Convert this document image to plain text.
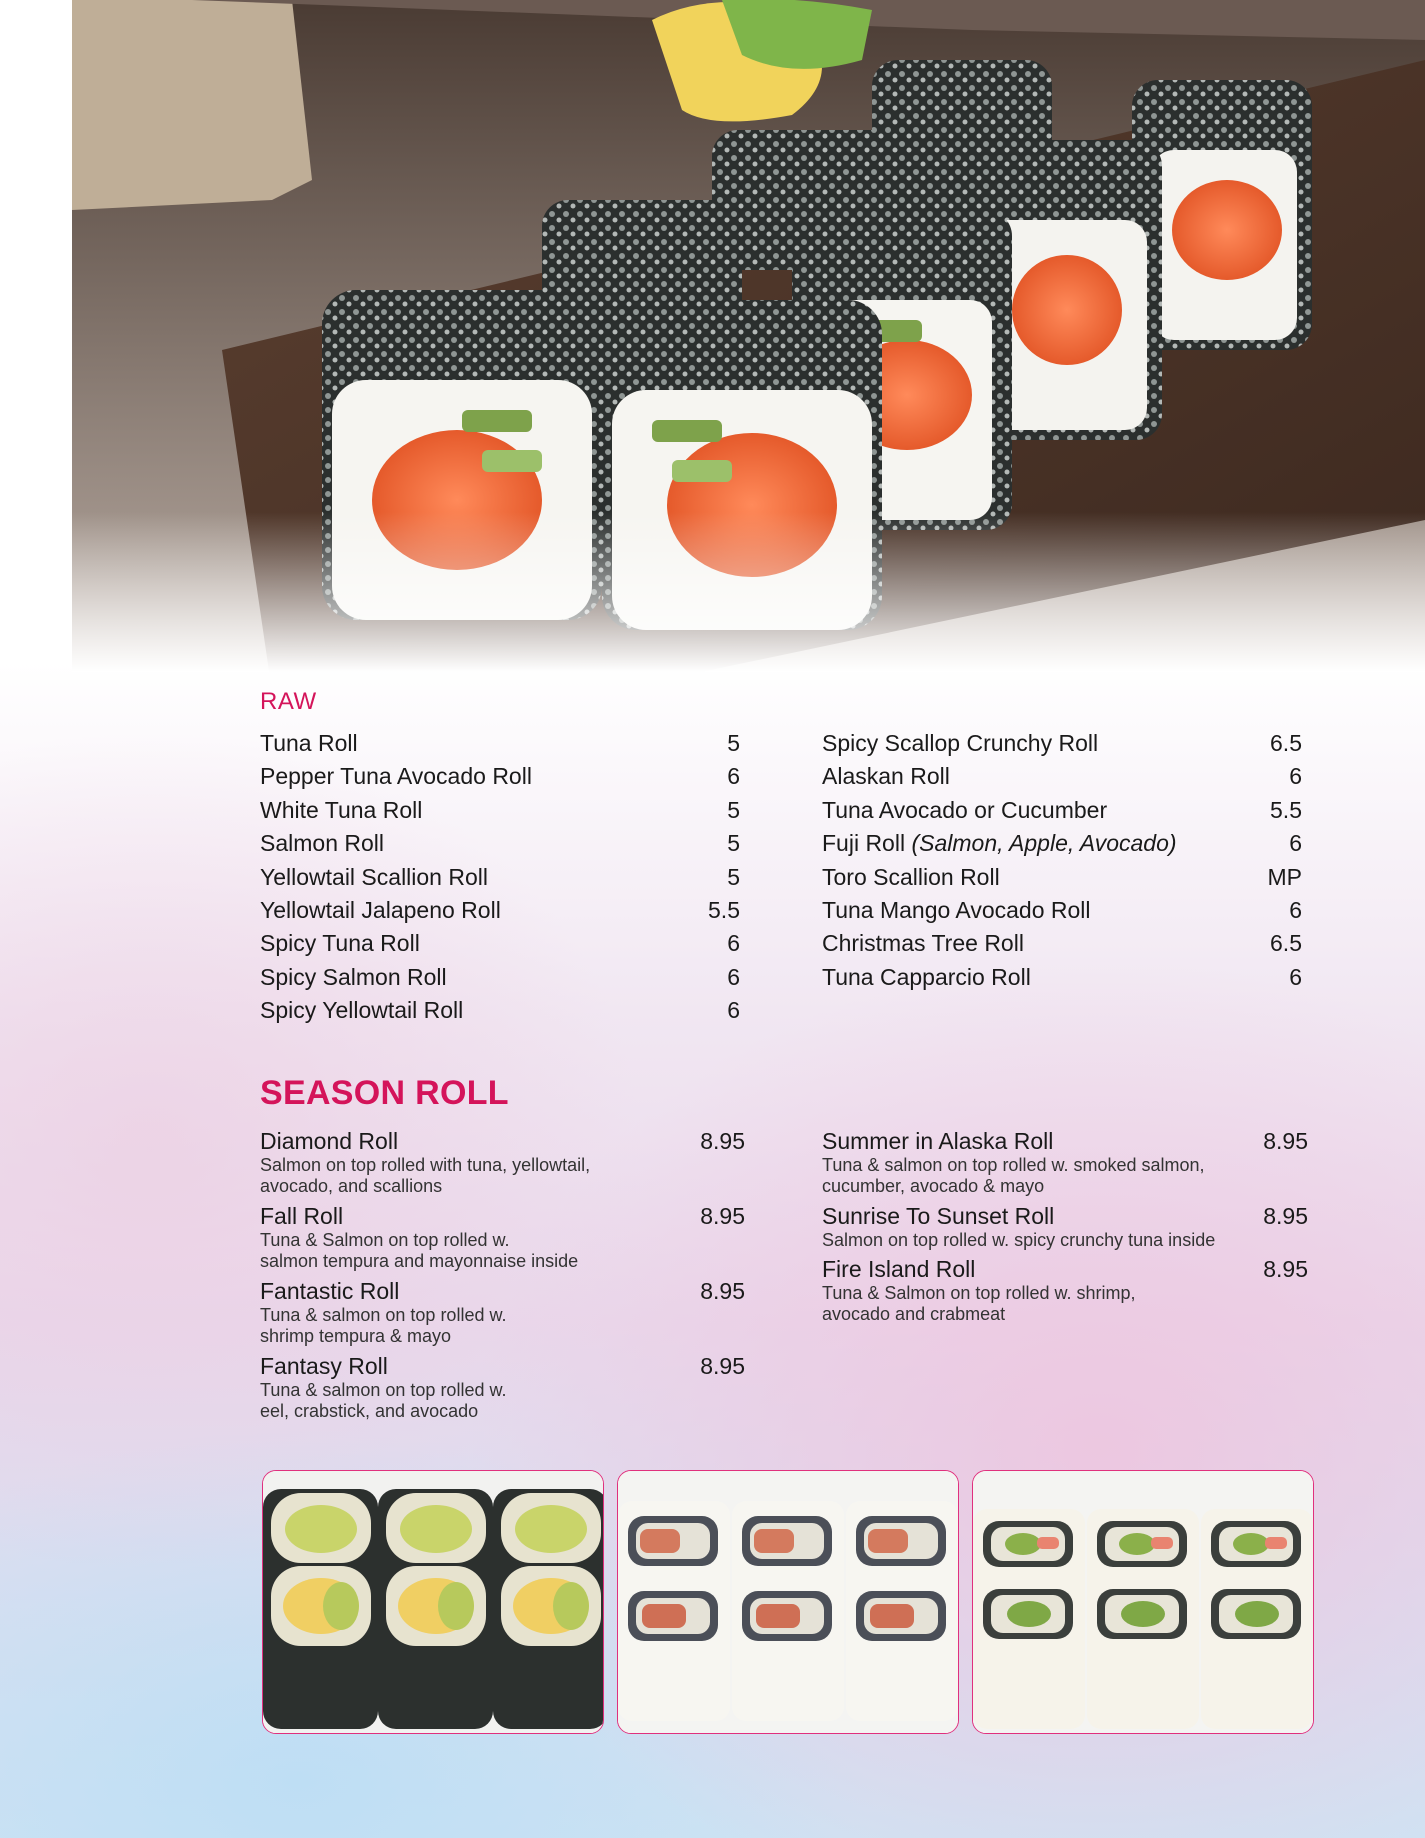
RAW
Tuna Roll	5
Pepper Tuna Avocado Roll	6
White Tuna Roll	5
Salmon Roll	5
Yellowtail Scallion Roll	5
Yellowtail Jalapeno Roll	5.5
Spicy Tuna Roll	6
Spicy Salmon Roll	6
Spicy Yellowtail Roll	6
Spicy Scallop Crunchy Roll	6.5
Alaskan Roll	6
Tuna Avocado or Cucumber	5.5
Fuji Roll (Salmon, Apple, Avocado)	6
Toro Scallion Roll	MP
Tuna Mango Avocado Roll	6
Christmas Tree Roll	6.5
Tuna Capparcio Roll	6
SEASON ROLL
Diamond Roll	8.95
Salmon on top rolled with tuna, yellowtail,
avocado, and scallions
Fall Roll	8.95
Tuna & Salmon on top rolled w.
salmon tempura and mayonnaise inside
Fantastic Roll	8.95
Tuna & salmon on top rolled w.
shrimp tempura & mayo
Fantasy Roll	8.95
Tuna & salmon on top rolled w.
eel, crabstick, and avocado
Summer in Alaska Roll	8.95
Tuna & salmon on top rolled w. smoked salmon,
cucumber, avocado & mayo
Sunrise To Sunset Roll	8.95
Salmon on top rolled w. spicy crunchy tuna inside
Fire Island Roll	8.95
Tuna & Salmon on top rolled w. shrimp,
avocado and crabmeat
